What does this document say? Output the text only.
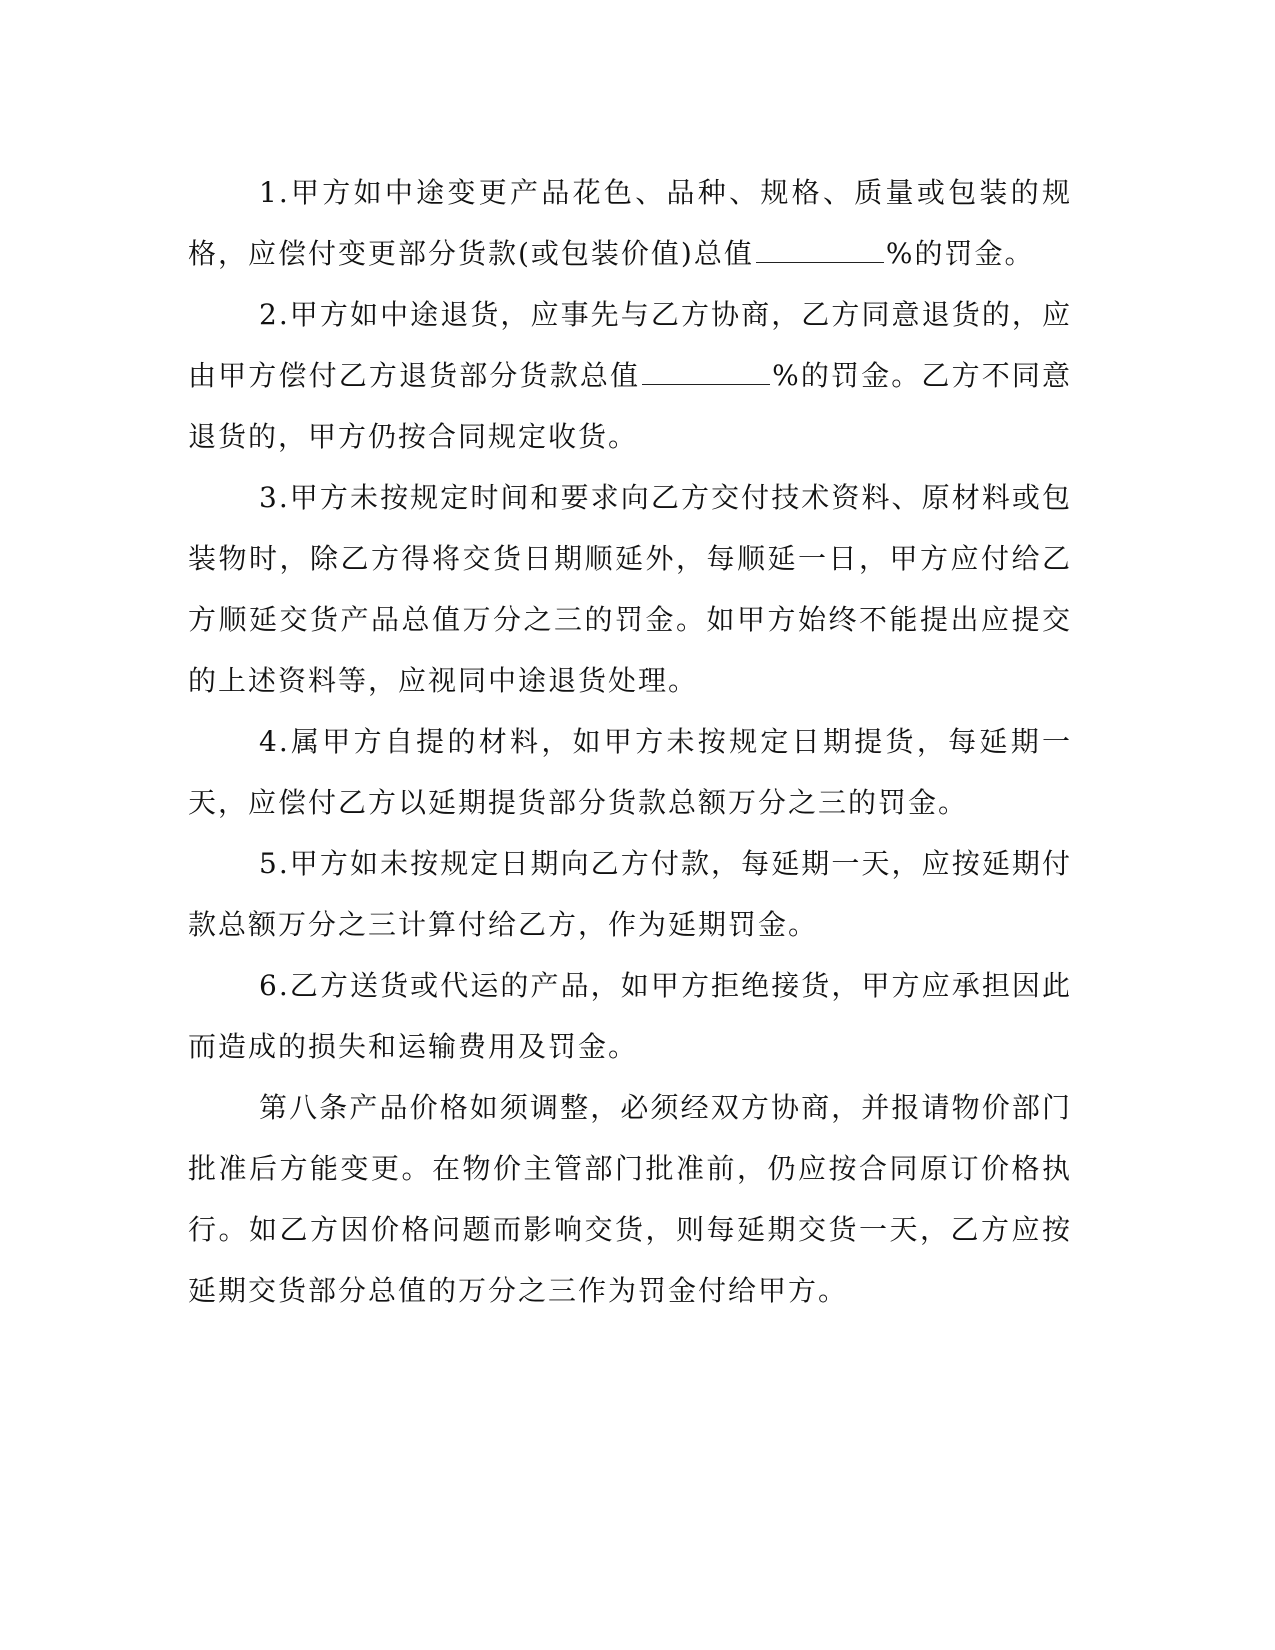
1.甲方如中途变更产品花色、品种、规格、质量或包装的规格，应偿付变更部分货款(或包装价值)总值	%的罚金。

2.甲方如中途退货，应事先与乙方协商，乙方同意退货的，应由甲方偿付乙方退货部分货款总值	%的罚金。乙方不同意退货的，甲方仍按合同规定收货。

3.甲方未按规定时间和要求向乙方交付技术资料、原材料或包装物时，除乙方得将交货日期顺延外，每顺延一日，甲方应付给乙方顺延交货产品总值万分之三的罚金。如甲方始终不能提出应提交的上述资料等，应视同中途退货处理。

4.属甲方自提的材料，如甲方未按规定日期提货，每延期一天，应偿付乙方以延期提货部分货款总额万分之三的罚金。

5.甲方如未按规定日期向乙方付款，每延期一天，应按延期付款总额万分之三计算付给乙方，作为延期罚金。

6.乙方送货或代运的产品，如甲方拒绝接货，甲方应承担因此而造成的损失和运输费用及罚金。

第八条产品价格如须调整，必须经双方协商，并报请物价部门批准后方能变更。在物价主管部门批准前，仍应按合同原订价格执行。如乙方因价格问题而影响交货，则每延期交货一天，乙方应按延期交货部分总值的万分之三作为罚金付给甲方。
